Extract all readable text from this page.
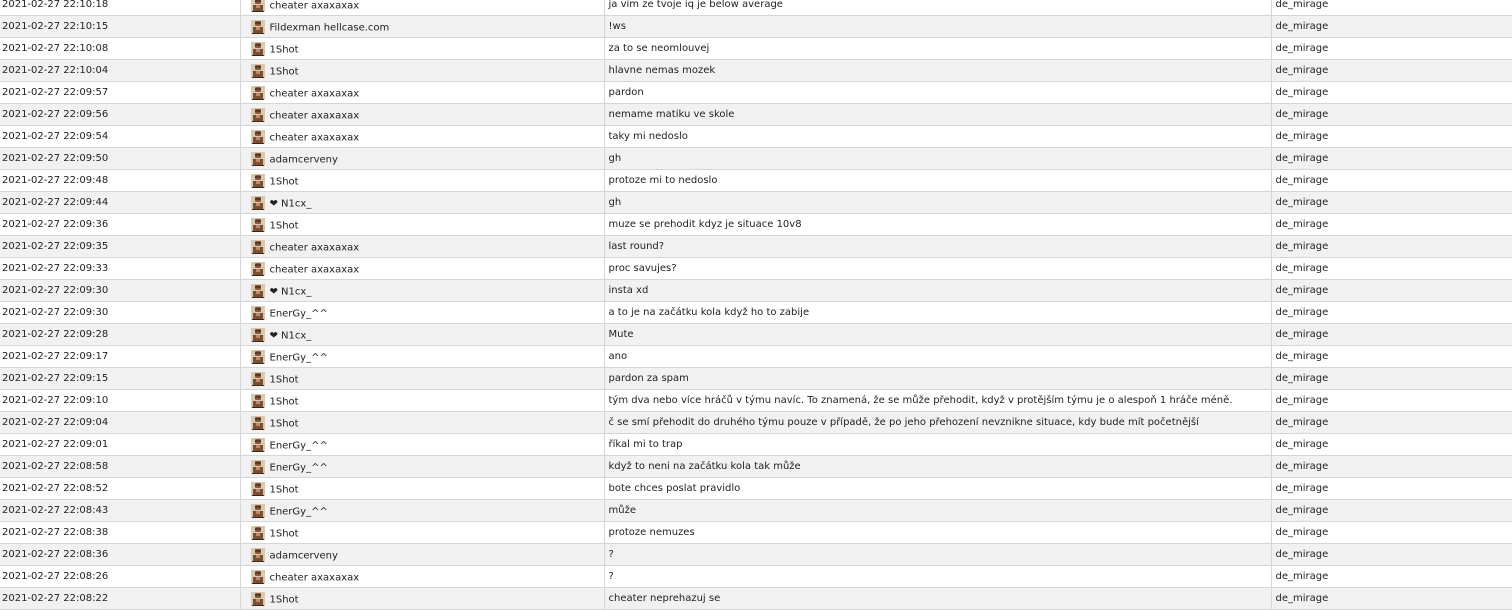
2021-02-27 22:10:18	cheater axaxaxax	ja vim ze tvoje iq je below average	de_mirage
2021-02-27 22:10:15	Fildexman hellcase.com	!ws	de_mirage
2021-02-27 22:10:08	1Shot	za to se neomlouvej	de_mirage
2021-02-27 22:10:04	1Shot	hlavne nemas mozek	de_mirage
2021-02-27 22:09:57	cheater axaxaxax	pardon	de_mirage
2021-02-27 22:09:56	cheater axaxaxax	nemame matiku ve skole	de_mirage
2021-02-27 22:09:54	cheater axaxaxax	taky mi nedoslo	de_mirage
2021-02-27 22:09:50	adamcerveny	gh	de_mirage
2021-02-27 22:09:48	1Shot	protoze mi to nedoslo	de_mirage
2021-02-27 22:09:44	❤ N1cx_	gh	de_mirage
2021-02-27 22:09:36	1Shot	muze se prehodit kdyz je situace 10v8	de_mirage
2021-02-27 22:09:35	cheater axaxaxax	last round?	de_mirage
2021-02-27 22:09:33	cheater axaxaxax	proc savujes?	de_mirage
2021-02-27 22:09:30	❤ N1cx_	insta xd	de_mirage
2021-02-27 22:09:30	EnerGy_^^	a to je na začátku kola když ho to zabije	de_mirage
2021-02-27 22:09:28	❤ N1cx_	Mute	de_mirage
2021-02-27 22:09:17	EnerGy_^^	ano	de_mirage
2021-02-27 22:09:15	1Shot	pardon za spam	de_mirage
2021-02-27 22:09:10	1Shot	tým dva nebo více hráčů v týmu navíc. To znamená, že se může přehodit, když v protějším týmu je o alespoň 1 hráče méně.	de_mirage
2021-02-27 22:09:04	1Shot	č se smí přehodit do druhého týmu pouze v případě, že po jeho přehození nevznikne situace, kdy bude mít početnější	de_mirage
2021-02-27 22:09:01	EnerGy_^^	říkal mi to trap	de_mirage
2021-02-27 22:08:58	EnerGy_^^	když to neni na začátku kola tak může	de_mirage
2021-02-27 22:08:52	1Shot	bote chces poslat pravidlo	de_mirage
2021-02-27 22:08:43	EnerGy_^^	může	de_mirage
2021-02-27 22:08:38	1Shot	protoze nemuzes	de_mirage
2021-02-27 22:08:36	adamcerveny	?	de_mirage
2021-02-27 22:08:26	cheater axaxaxax	?	de_mirage
2021-02-27 22:08:22	1Shot	cheater neprehazuj se	de_mirage
